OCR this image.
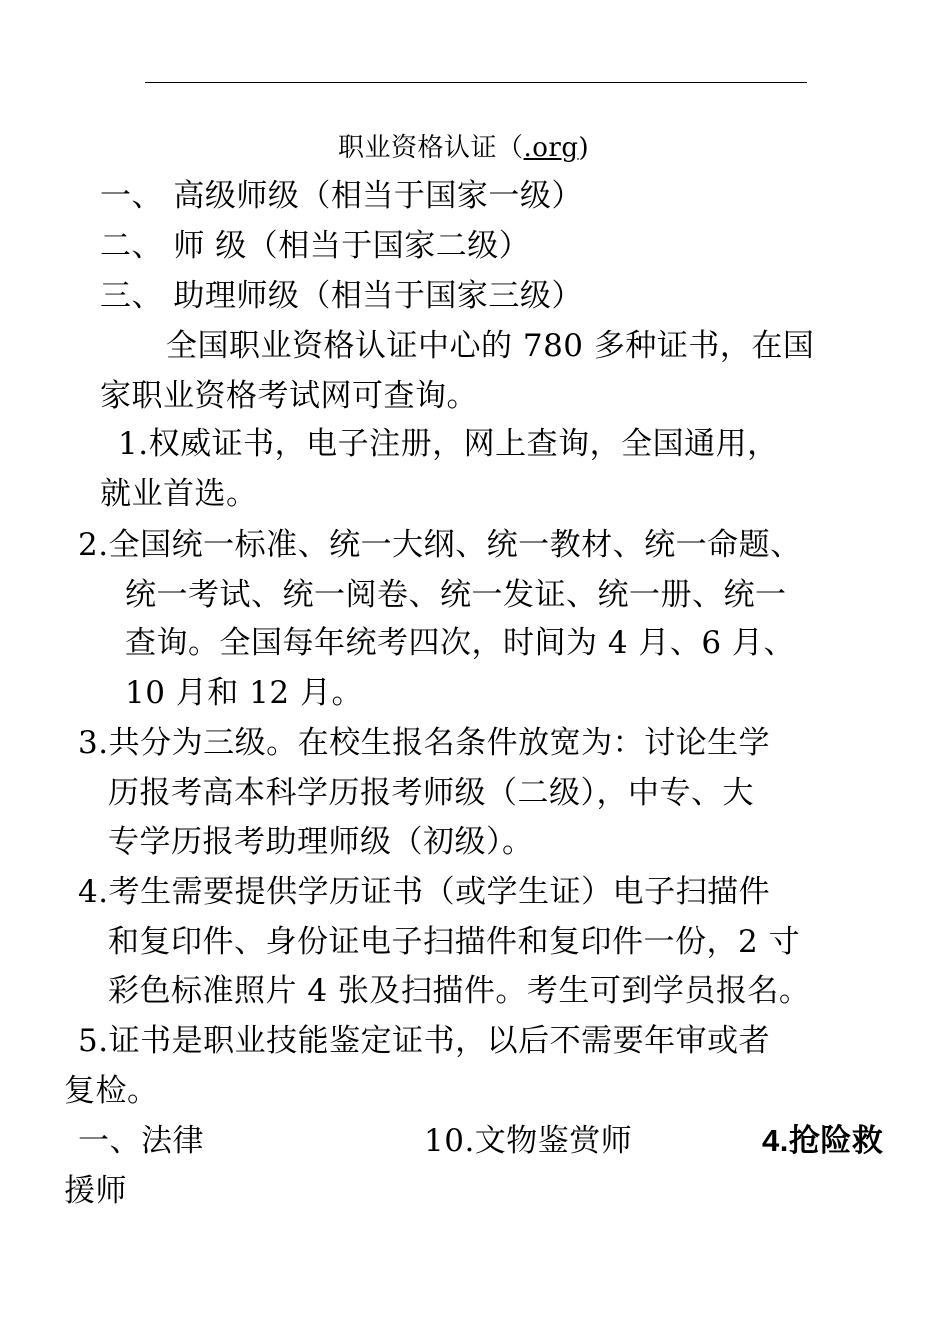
职业资格认证（.org)
一、 高级师级（相当于国家一级）
二、 师 级（相当于国家二级）
三、 助理师级（相当于国家三级）
全国职业资格认证中心的 780 多种证书，在国
家职业资格考试网可查询。
1.权威证书，电子注册，网上查询，全国通用，
就业首选。
2.全国统一标准、统一大纲、统一教材、统一命题、
统一考试、统一阅卷、统一发证、统一册、统一
查询。全国每年统考四次，时间为 4 月、6 月、
10 月和 12 月。
3.共分为三级。在校生报名条件放宽为：讨论生学
历报考高本科学历报考师级（二级），中专、大
专学历报考助理师级（初级）。
4.考生需要提供学历证书（或学生证）电子扫描件
和复印件、身份证电子扫描件和复印件一份，2 寸
彩色标准照片 4 张及扫描件。考生可到学员报名。
5.证书是职业技能鉴定证书，以后不需要年审或者
复检。
一、法律	10.文物鉴赏师	4.抢险救
援师
